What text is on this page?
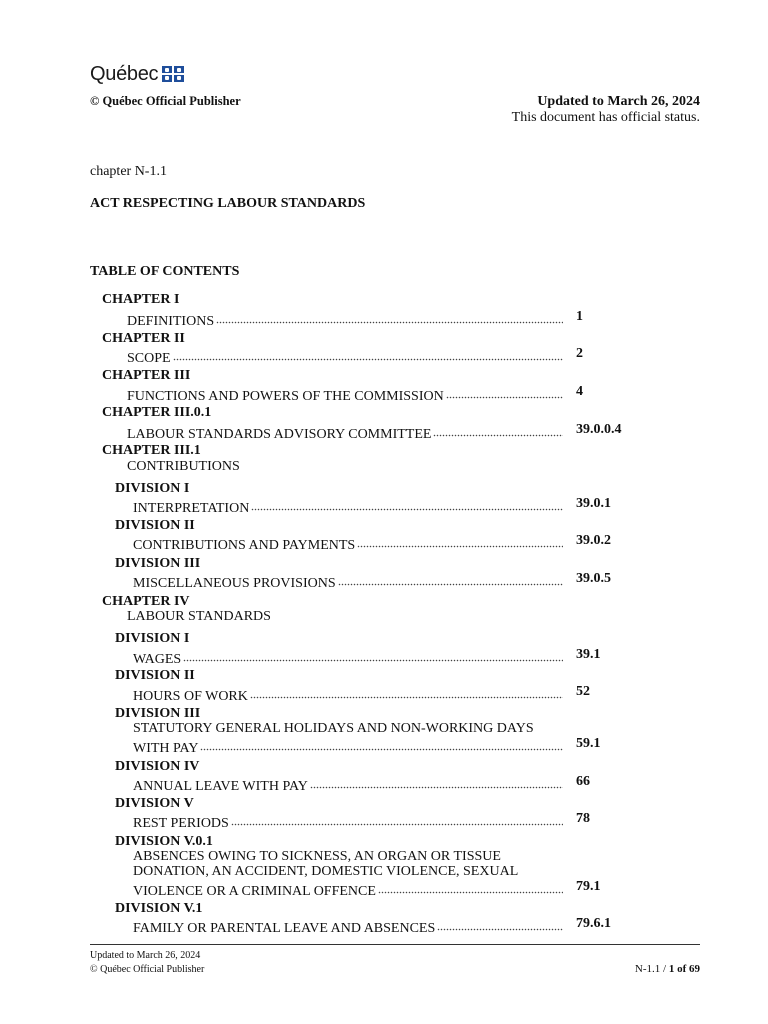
Québec
© Québec Official Publisher	Updated to March 26, 2024
This document has official status.
chapter N-1.1
ACT RESPECTING LABOUR STANDARDS
TABLE OF CONTENTS
CHAPTER I
DEFINITIONS	1
CHAPTER II
SCOPE	2
CHAPTER III
FUNCTIONS AND POWERS OF THE COMMISSION	4
CHAPTER III.0.1
LABOUR STANDARDS ADVISORY COMMITTEE	39.0.0.4
CHAPTER III.1
CONTRIBUTIONS
DIVISION I
INTERPRETATION	39.0.1
DIVISION II
CONTRIBUTIONS AND PAYMENTS	39.0.2
DIVISION III
MISCELLANEOUS PROVISIONS	39.0.5
CHAPTER IV
LABOUR STANDARDS
DIVISION I
WAGES	39.1
DIVISION II
HOURS OF WORK	52
DIVISION III
STATUTORY GENERAL HOLIDAYS AND NON-WORKING DAYS
WITH PAY	59.1
DIVISION IV
ANNUAL LEAVE WITH PAY	66
DIVISION V
REST PERIODS	78
DIVISION V.0.1
ABSENCES OWING TO SICKNESS, AN ORGAN OR TISSUE
DONATION, AN ACCIDENT, DOMESTIC VIOLENCE, SEXUAL
VIOLENCE OR A CRIMINAL OFFENCE	79.1
DIVISION V.1
FAMILY OR PARENTAL LEAVE AND ABSENCES	79.6.1
Updated to March 26, 2024
© Québec Official Publisher	N-1.1 / 1 of 69
